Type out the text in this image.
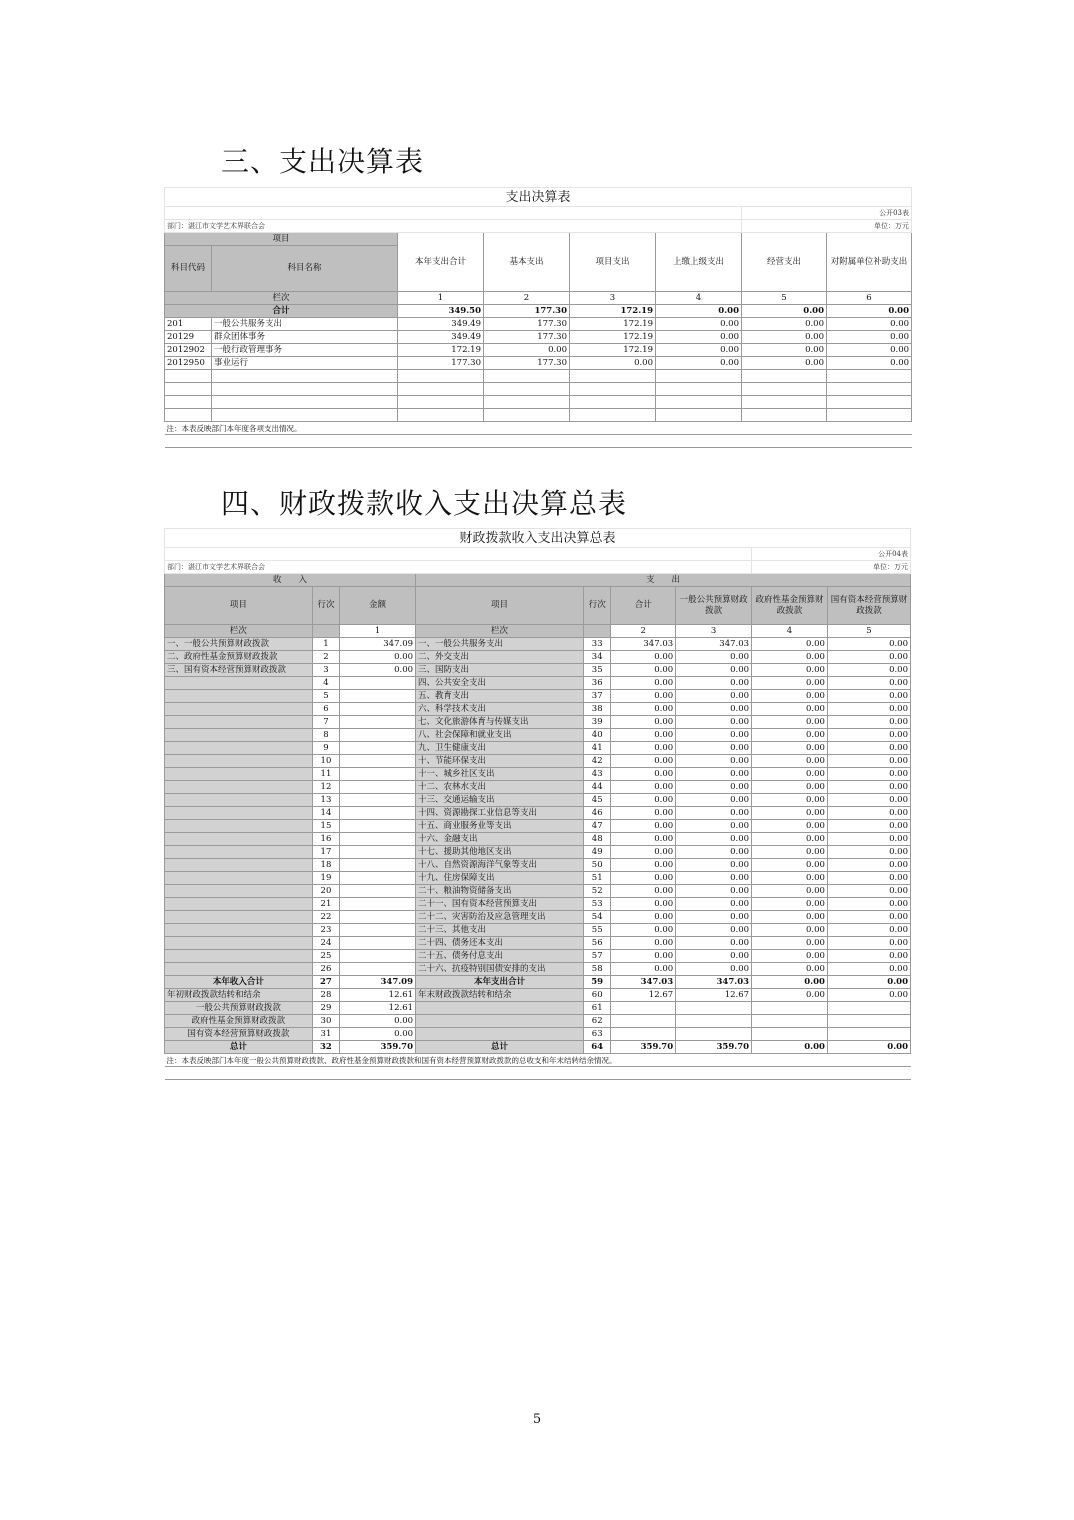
三、支出决算表
支出决算表							
						公开03表	
部门：湛江市文学艺术界联合会						单位：万元	
项目		本年支出合计	基本支出	项目支出	上缴上级支出	经营支出	对附属单位补助支出
科目代码	科目名称						
栏次		1	2	3	4	5	6
合计		349.50	177.30	172.19	0.00	0.00	0.00
201	一般公共服务支出	349.49	177.30	172.19	0.00	0.00	0.00
20129	群众团体事务	349.49	177.30	172.19	0.00	0.00	0.00
2012902	一般行政管理事务	172.19	0.00	172.19	0.00	0.00	0.00
2012950	事业运行	177.30	177.30	0.00	0.00	0.00	0.00

注：本表反映部门本年度各项支出情况。							

四、财政拨款收入支出决算总表
财政拨款收入支出决算总表								
							公开04表	
部门：湛江市文学艺术界联合会							单位：万元	
收　　入			支　　出					
项目	行次	金额	项目	行次	合计	一般公共预算财政拨款	政府性基金预算财政拨款	国有资本经营预算财政拨款
栏次		1	栏次		2	3	4	5
一、一般公共预算财政拨款	1	347.09	一、一般公共服务支出	33	347.03	347.03	0.00	0.00
二、政府性基金预算财政拨款	2	0.00	二、外交支出	34	0.00	0.00	0.00	0.00
三、国有资本经营预算财政拨款	3	0.00	三、国防支出	35	0.00	0.00	0.00	0.00
	4		四、公共安全支出	36	0.00	0.00	0.00	0.00
	5		五、教育支出	37	0.00	0.00	0.00	0.00
	6		六、科学技术支出	38	0.00	0.00	0.00	0.00
	7		七、文化旅游体育与传媒支出	39	0.00	0.00	0.00	0.00
	8		八、社会保障和就业支出	40	0.00	0.00	0.00	0.00
	9		九、卫生健康支出	41	0.00	0.00	0.00	0.00
	10		十、节能环保支出	42	0.00	0.00	0.00	0.00
	11		十一、城乡社区支出	43	0.00	0.00	0.00	0.00
	12		十二、农林水支出	44	0.00	0.00	0.00	0.00
	13		十三、交通运输支出	45	0.00	0.00	0.00	0.00
	14		十四、资源勘探工业信息等支出	46	0.00	0.00	0.00	0.00
	15		十五、商业服务业等支出	47	0.00	0.00	0.00	0.00
	16		十六、金融支出	48	0.00	0.00	0.00	0.00
	17		十七、援助其他地区支出	49	0.00	0.00	0.00	0.00
	18		十八、自然资源海洋气象等支出	50	0.00	0.00	0.00	0.00
	19		十九、住房保障支出	51	0.00	0.00	0.00	0.00
	20		二十、粮油物资储备支出	52	0.00	0.00	0.00	0.00
	21		二十一、国有资本经营预算支出	53	0.00	0.00	0.00	0.00
	22		二十二、灾害防治及应急管理支出	54	0.00	0.00	0.00	0.00
	23		二十三、其他支出	55	0.00	0.00	0.00	0.00
	24		二十四、债务还本支出	56	0.00	0.00	0.00	0.00
	25		二十五、债务付息支出	57	0.00	0.00	0.00	0.00
	26		二十六、抗疫特别国债安排的支出	58	0.00	0.00	0.00	0.00
本年收入合计	27	347.09	本年支出合计	59	347.03	347.03	0.00	0.00
年初财政拨款结转和结余	28	12.61	年末财政拨款结转和结余	60	12.67	12.67	0.00	0.00
一般公共预算财政拨款	29	12.61		61				
政府性基金预算财政拨款	30	0.00		62				
国有资本经营预算财政拨款	31	0.00		63				
总计	32	359.70	总计	64	359.70	359.70	0.00	0.00
注：本表反映部门本年度一般公共预算财政拨款、政府性基金预算财政拨款和国有资本经营预算财政拨款的总收支和年末结转结余情况。								

5
